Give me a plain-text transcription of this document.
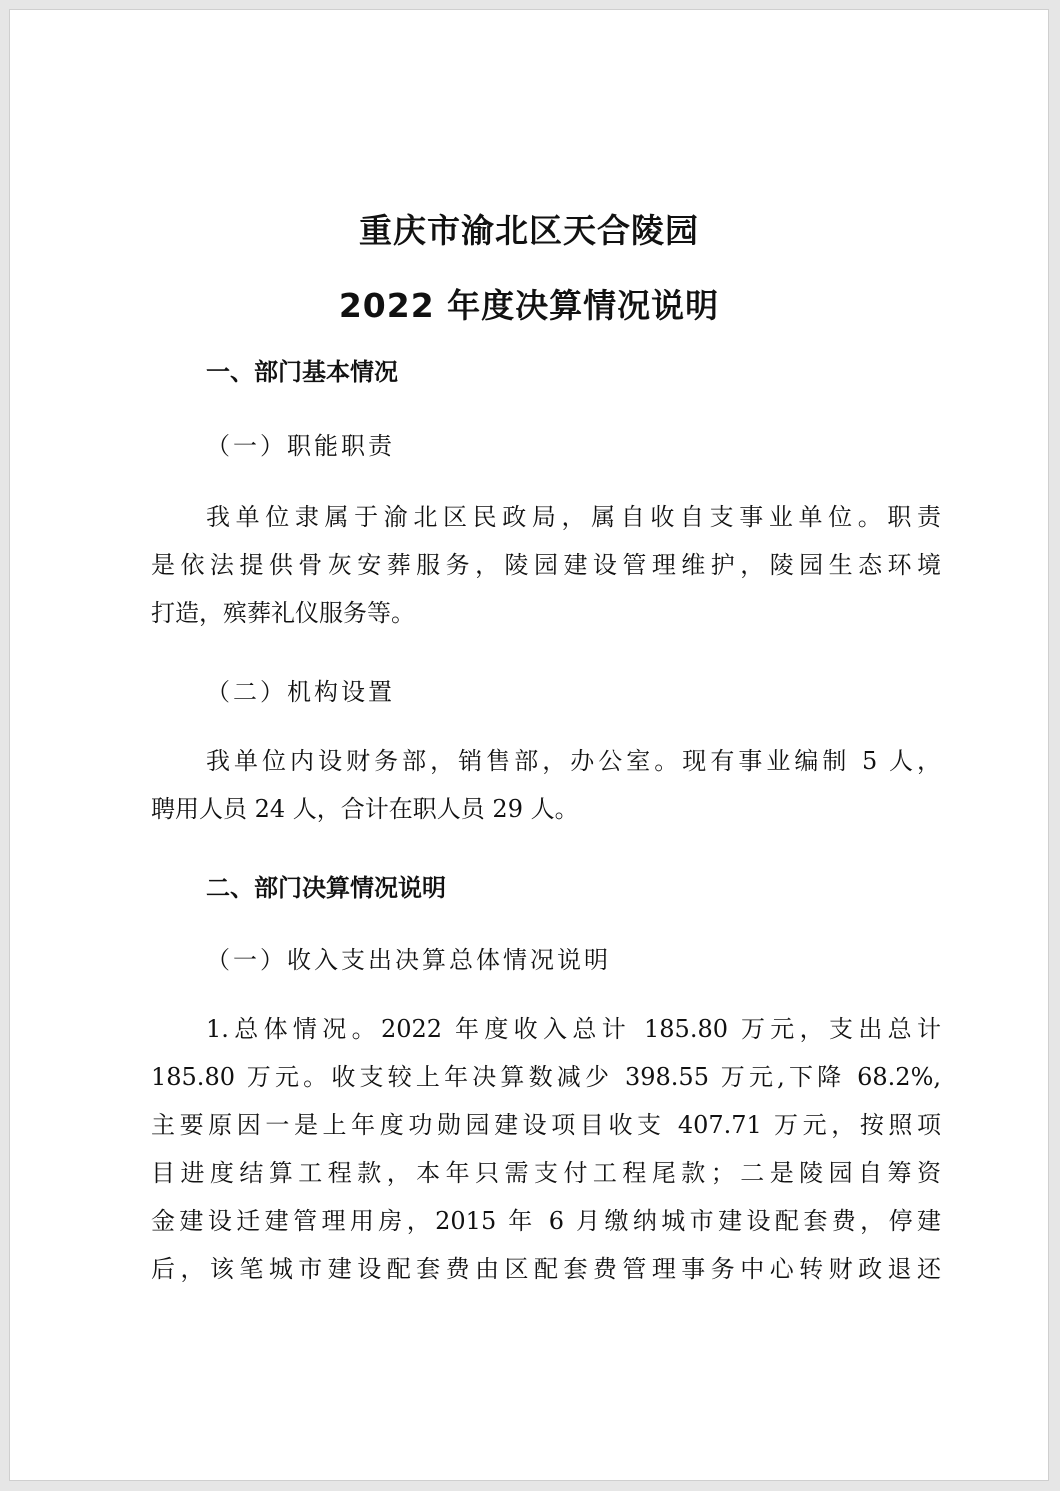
重庆市渝北区天合陵园
2022 年度决算情况说明
一、部门基本情况
（一）职能职责
我单位隶属于渝北区民政局，属自收自支事业单位。职责
是依法提供骨灰安葬服务，陵园建设管理维护，陵园生态环境
打造，殡葬礼仪服务等。
（二）机构设置
我单位内设财务部，销售部，办公室。现有事业编制 5 人，
聘用人员 24 人，合计在职人员 29 人。
二、部门决算情况说明
（一）收入支出决算总体情况说明
1.总体情况。2022 年度收入总计 185.80 万元，支出总计
185.80 万元。收支较上年决算数减少 398.55 万元,下降 68.2%,
主要原因一是上年度功勋园建设项目收支 407.71 万元，按照项
目进度结算工程款，本年只需支付工程尾款；二是陵园自筹资
金建设迁建管理用房，2015 年 6 月缴纳城市建设配套费，停建
后，该笔城市建设配套费由区配套费管理事务中心转财政退还
